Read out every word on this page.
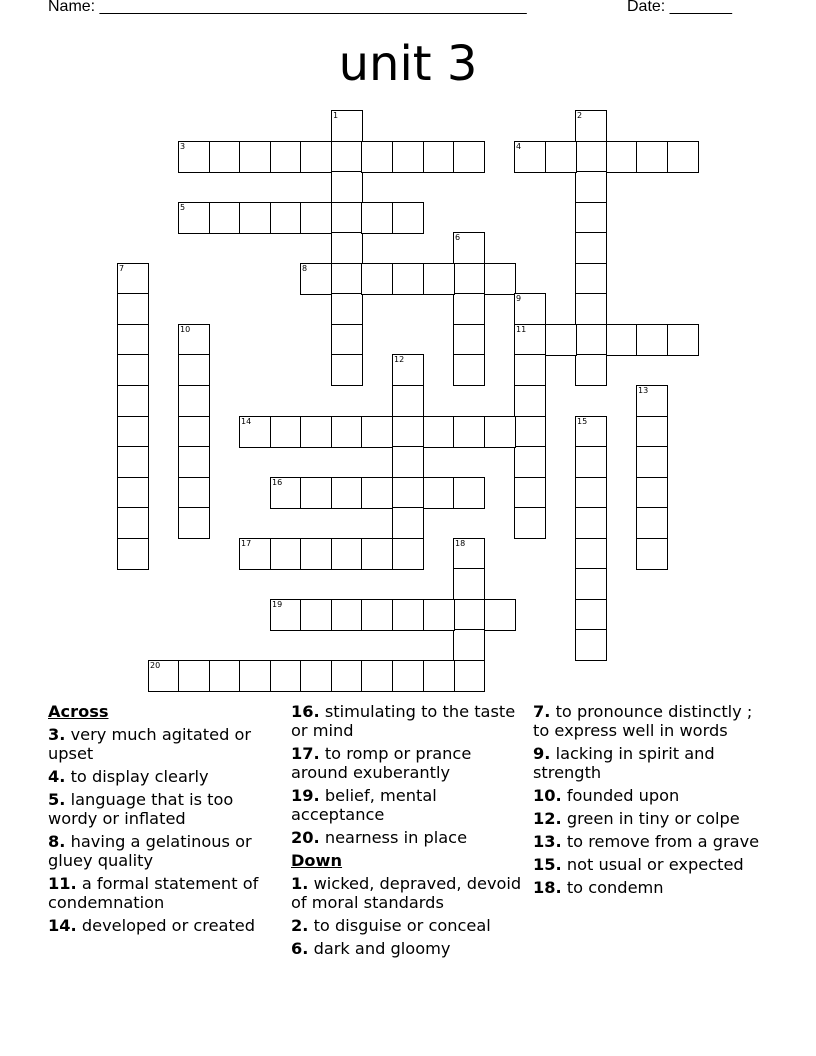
Name: ________________________________________________	Date: _______
unit 3
1	2
3	4
5
6
7	8
9
11
10
12
13
14	15
16
17	18
19
20
Across
3. very much agitated or upset
4. to display clearly
5. language that is too wordy or inflated
8. having a gelatinous or gluey quality
11. a formal statement of condemnation
14. developed or created
16. stimulating to the taste or mind
17. to romp or prance around exuberantly
19. belief, mental acceptance
20. nearness in place
Down
1. wicked, depraved, devoid of moral standards
2. to disguise or conceal
6. dark and gloomy
7. to pronounce distinctly ; to express well in words
9. lacking in spirit and strength
10. founded upon
12. green in tiny or colpe
13. to remove from a grave
15. not usual or expected
18. to condemn
